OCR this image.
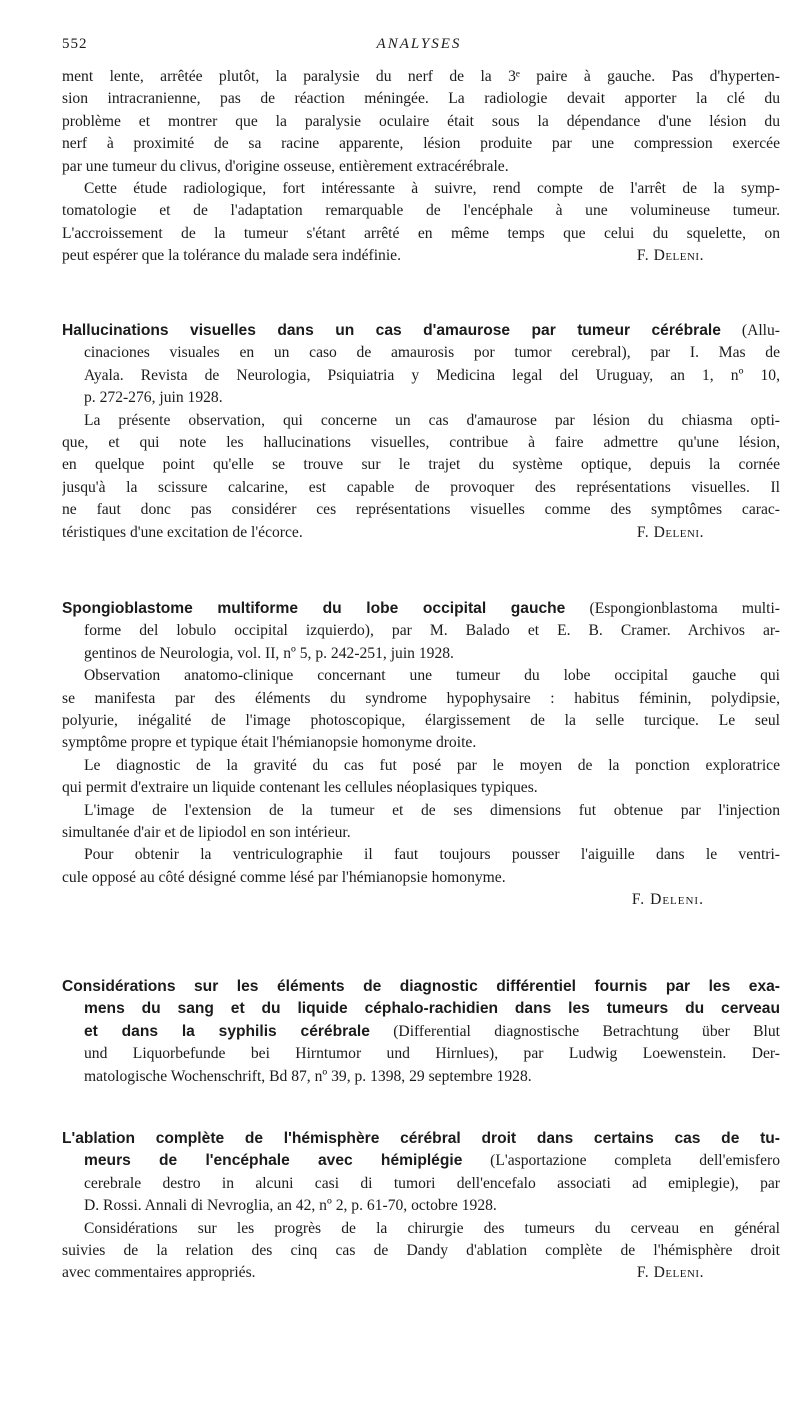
552	ANALYSES
ment lente, arrêtée plutôt, la paralysie du nerf de la 3ᵉ paire à gauche. Pas d'hyperten-
sion intracranienne, pas de réaction méningée. La radiologie devait apporter la clé du
problème et montrer que la paralysie oculaire était sous la dépendance d'une lésion du
nerf à proximité de sa racine apparente, lésion produite par une compression exercée
par une tumeur du clivus, d'origine osseuse, entièrement extracérébrale.
Cette étude radiologique, fort intéressante à suivre, rend compte de l'arrêt de la symp-
tomatologie et de l'adaptation remarquable de l'encéphale à une volumineuse tumeur.
L'accroissement de la tumeur s'étant arrêté en même temps que celui du squelette, on
peut espérer que la tolérance du malade sera indéfinie.	F. Deleni.
Hallucinations visuelles dans un cas d'amaurose par tumeur cérébrale (Allu-
cinaciones visuales en un caso de amaurosis por tumor cerebral), par I. Mas de
Ayala. Revista de Neurologia, Psiquiatria y Medicina legal del Uruguay, an 1, nº 10,
p. 272-276, juin 1928.
La présente observation, qui concerne un cas d'amaurose par lésion du chiasma opti-
que, et qui note les hallucinations visuelles, contribue à faire admettre qu'une lésion,
en quelque point qu'elle se trouve sur le trajet du système optique, depuis la cornée
jusqu'à la scissure calcarine, est capable de provoquer des représentations visuelles. Il
ne faut donc pas considérer ces représentations visuelles comme des symptômes carac-
téristiques d'une excitation de l'écorce.	F. Deleni.
Spongioblastome multiforme du lobe occipital gauche (Espongionblastoma multi-
forme del lobulo occipital izquierdo), par M. Balado et E. B. Cramer. Archivos ar-
gentinos de Neurologia, vol. II, nº 5, p. 242-251, juin 1928.
Observation anatomo-clinique concernant une tumeur du lobe occipital gauche qui
se manifesta par des éléments du syndrome hypophysaire : habitus féminin, polydipsie,
polyurie, inégalité de l'image photoscopique, élargissement de la selle turcique. Le seul
symptôme propre et typique était l'hémianopsie homonyme droite.
Le diagnostic de la gravité du cas fut posé par le moyen de la ponction exploratrice
qui permit d'extraire un liquide contenant les cellules néoplasiques typiques.
L'image de l'extension de la tumeur et de ses dimensions fut obtenue par l'injection
simultanée d'air et de lipiodol en son intérieur.
Pour obtenir la ventriculographie il faut toujours pousser l'aiguille dans le ventri-
cule opposé au côté désigné comme lésé par l'hémianopsie homonyme.
F. Deleni.
Considérations sur les éléments de diagnostic différentiel fournis par les exa-
mens du sang et du liquide céphalo-rachidien dans les tumeurs du cerveau
et dans la syphilis cérébrale (Differential diagnostische Betrachtung über Blut
und Liquorbefunde bei Hirntumor und Hirnlues), par Ludwig Loewenstein. Der-
matologische Wochenschrift, Bd 87, nº 39, p. 1398, 29 septembre 1928.
L'ablation complète de l'hémisphère cérébral droit dans certains cas de tu-
meurs de l'encéphale avec hémiplégie (L'asportazione completa dell'emisfero
cerebrale destro in alcuni casi di tumori dell'encefalo associati ad emiplegie), par
D. Rossi. Annali di Nevroglia, an 42, nº 2, p. 61-70, octobre 1928.
Considérations sur les progrès de la chirurgie des tumeurs du cerveau en général
suivies de la relation des cinq cas de Dandy d'ablation complète de l'hémisphère droit
avec commentaires appropriés.	F. Deleni.
